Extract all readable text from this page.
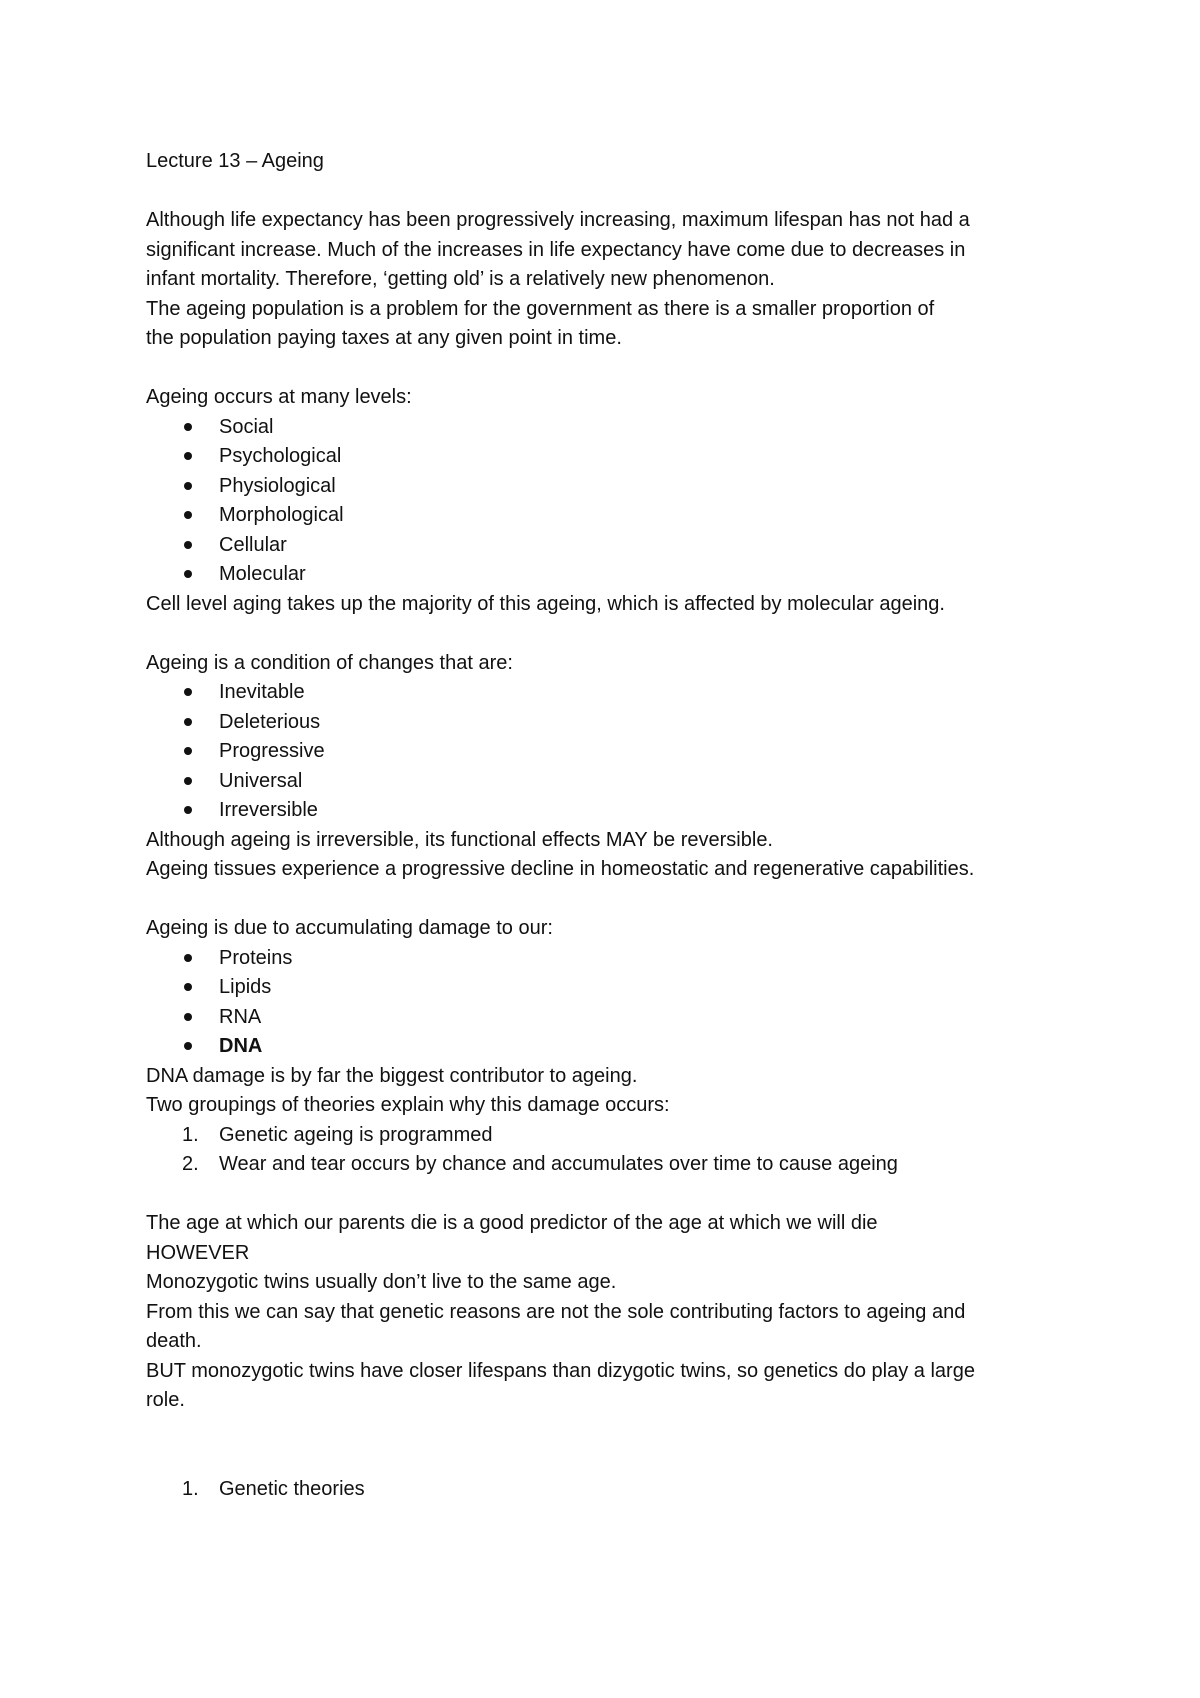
Lecture 13 – Ageing
Although life expectancy has been progressively increasing, maximum lifespan has not had a
significant increase. Much of the increases in life expectancy have come due to decreases in
infant mortality. Therefore, ‘getting old’ is a relatively new phenomenon.
The ageing population is a problem for the government as there is a smaller proportion of
the population paying taxes at any given point in time.
Ageing occurs at many levels:
Social
Psychological
Physiological
Morphological
Cellular
Molecular
Cell level aging takes up the majority of this ageing, which is affected by molecular ageing.
Ageing is a condition of changes that are:
Inevitable
Deleterious
Progressive
Universal
Irreversible
Although ageing is irreversible, its functional effects MAY be reversible.
Ageing tissues experience a progressive decline in homeostatic and regenerative capabilities.
Ageing is due to accumulating damage to our:
Proteins
Lipids
RNA
DNA
DNA damage is by far the biggest contributor to ageing.
Two groupings of theories explain why this damage occurs:
1. Genetic ageing is programmed
2. Wear and tear occurs by chance and accumulates over time to cause ageing
The age at which our parents die is a good predictor of the age at which we will die
HOWEVER
Monozygotic twins usually don’t live to the same age.
From this we can say that genetic reasons are not the sole contributing factors to ageing and
death.
BUT monozygotic twins have closer lifespans than dizygotic twins, so genetics do play a large
role.
1. Genetic theories
